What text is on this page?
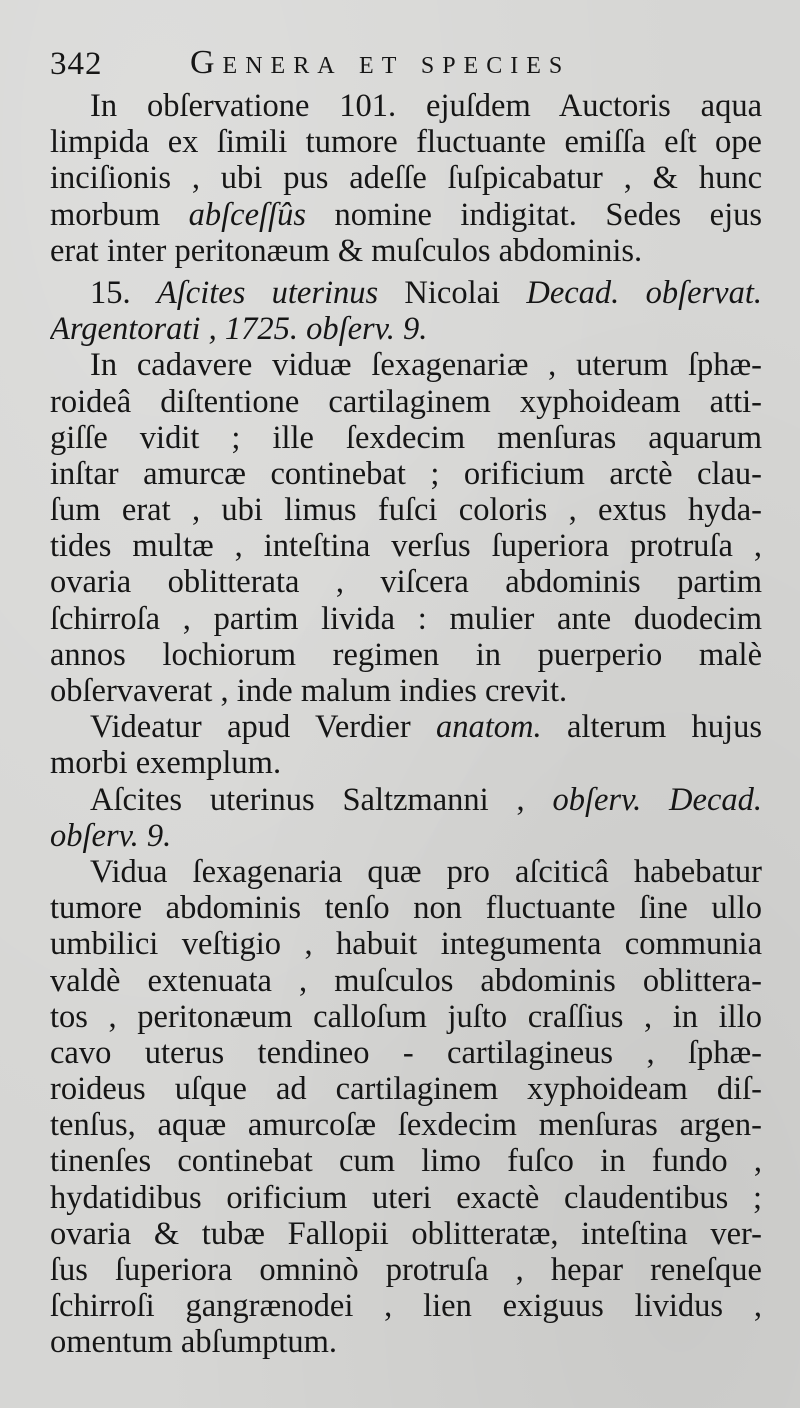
342	Genera et species
In obſervatione 101. ejuſdem Auctoris aqua
limpida ex ſimili tumore fluctuante emiſſa eſt ope
inciſionis , ubi pus adeſſe ſuſpicabatur , & hunc
morbum abſceſſûs nomine indigitat. Sedes ejus
erat inter peritonæum & muſculos abdominis.
15. Aſcites uterinus Nicolai Decad. obſervat.
Argentorati , 1725. obſerv. 9.
In cadavere viduæ ſexagenariæ , uterum ſphæ-
roideâ diſtentione cartilaginem xyphoideam atti-
giſſe vidit ; ille ſexdecim menſuras aquarum
inſtar amurcæ continebat ; orificium arctè clau-
ſum erat , ubi limus fuſci coloris , extus hyda-
tides multæ , inteſtina verſus ſuperiora protruſa ,
ovaria oblitterata , viſcera abdominis partim
ſchirroſa , partim livida : mulier ante duodecim
annos lochiorum regimen in puerperio malè
obſervaverat , inde malum indies crevit.
Videatur apud Verdier anatom. alterum hujus
morbi exemplum.
Aſcites uterinus Saltzmanni , obſerv. Decad.
obſerv. 9.
Vidua ſexagenaria quæ pro aſciticâ habebatur
tumore abdominis tenſo non fluctuante ſine ullo
umbilici veſtigio , habuit integumenta communia
valdè extenuata , muſculos abdominis oblittera-
tos , peritonæum calloſum juſto craſſius , in illo
cavo uterus tendineo - cartilagineus , ſphæ-
roideus uſque ad cartilaginem xyphoideam diſ-
tenſus, aquæ amurcoſæ ſexdecim menſuras argen-
tinenſes continebat cum limo fuſco in fundo ,
hydatidibus orificium uteri exactè claudentibus ;
ovaria & tubæ Fallopii oblitteratæ, inteſtina ver-
ſus ſuperiora omninò protruſa , hepar reneſque
ſchirroſi gangrænodei , lien exiguus lividus ,
omentum abſumptum.
